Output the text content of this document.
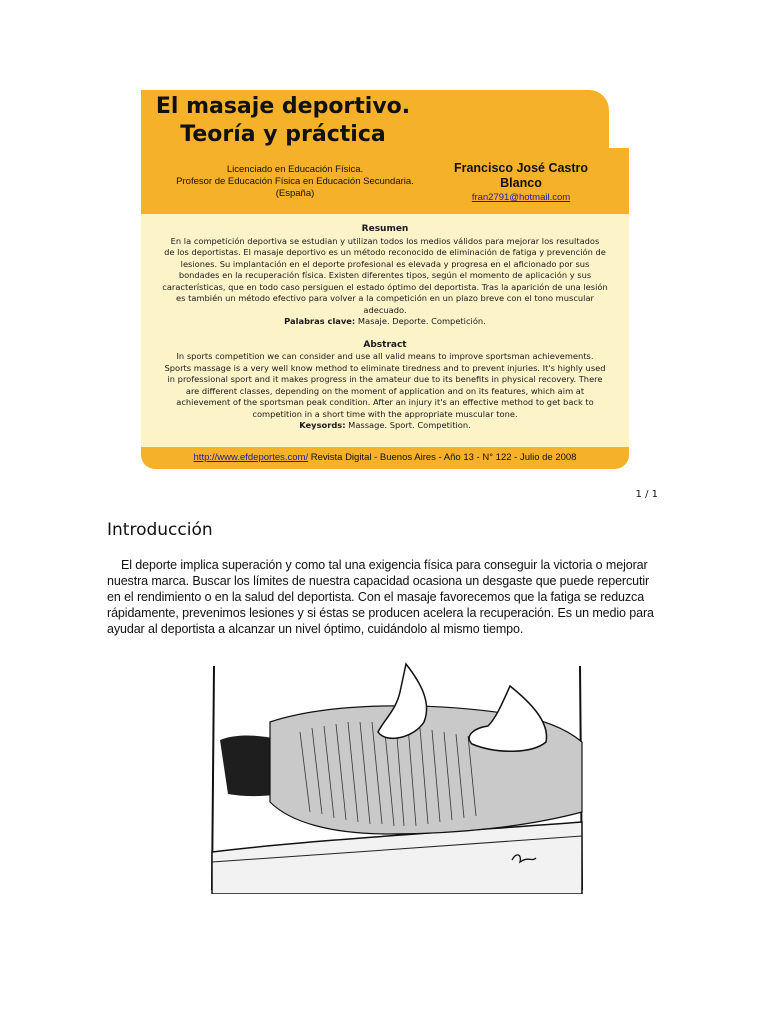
El masaje deportivo.
Teoría y práctica
Licenciado en Educación Física.
Profesor de Educación Física en Educación Secundaria.
(España)
Francisco José Castro
Blanco
fran2791@hotmail.com
Resumen
En la competición deportiva se estudian y utilizan todos los medios válidos para mejorar los resultados
de los deportistas. El masaje deportivo es un método reconocido de eliminación de fatiga y prevención de
lesiones. Su implantación en el deporte profesional es elevada y progresa en el aficionado por sus
bondades en la recuperación física. Existen diferentes tipos, según el momento de aplicación y sus
características, que en todo caso persiguen el estado óptimo del deportista. Tras la aparición de una lesión
es también un método efectivo para volver a la competición en un plazo breve con el tono muscular
adecuado.
Palabras clave: Masaje. Deporte. Competición.
Abstract
In sports competition we can consider and use all valid means to improve sportsman achievements.
Sports massage is a very well know method to eliminate tiredness and to prevent injuries. It's highly used
in professional sport and it makes progress in the amateur due to its benefits in physical recovery. There
are different classes, depending on the moment of application and on its features, which aim at
achievement of the sportsman peak condition. After an injury it's an effective method to get back to
competition in a short time with the appropriate muscular tone.
Keysords: Massage. Sport. Competition.
http://www.efdeportes.com/ Revista Digital - Buenos Aires - Año 13 - N° 122 - Julio de 2008
1 / 1
Introducción
El deporte implica superación y como tal una exigencia física para conseguir la victoria o mejorar
nuestra marca. Buscar los límites de nuestra capacidad ocasiona un desgaste que puede repercutir
en el rendimiento o en la salud del deportista. Con el masaje favorecemos que la fatiga se reduzca
rápidamente, prevenimos lesiones y si éstas se producen acelera la recuperación. Es un medio para
ayudar al deportista a alcanzar un nivel óptimo, cuidándolo al mismo tiempo.
